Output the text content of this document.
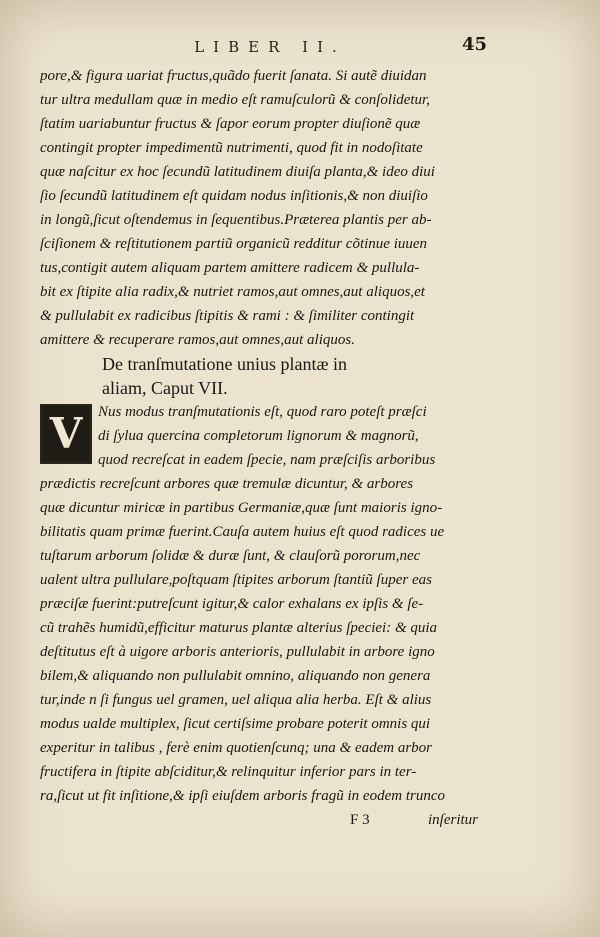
LIBER II.	45
pore,& figura uariat fructus,quãdo fuerit ſanata. Si autẽ diuidan
tur ultra medullam quæ in medio eſt ramuſculorũ & conſolidetur,
ſtatim uariabuntur fructus & ſapor eorum propter diuſionẽ quæ
contingit propter impedimentũ nutrimenti, quod fit in nodoſitate
quæ naſcitur ex hoc ſecundũ latitudinem diuiſa planta,& ideo diui
ſio ſecundũ latitudinem eſt quidam nodus inſitionis,& non diuiſio
in longũ,ſicut oſtendemus in ſequentibus.Præterea plantis per ab-
ſciſionem & reſtitutionem partiũ organicũ redditur cõtinue iuuen
tus,contigit autem aliquam partem amittere radicem & pullula-
bit ex ſtipite alia radix,& nutriet ramos,aut omnes,aut aliquos,et
& pullulabit ex radicibus ſtipitis & rami : & ſimiliter contingit
amittere & recuperare ramos,aut omnes,aut aliquos.
De tranſmutatione unius plantæ in
aliam, Caput VII.
V	Nus modus tranſmutationis eſt, quod raro poteſt præſci
di ſylua quercina completorum lignorum & magnorũ,
quod recreſcat in eadem ſpecie, nam præſciſis arboribus
prædictis recreſcunt arbores quæ tremulæ dicuntur, & arbores
quæ dicuntur miricæ in partibus Germaniæ,quæ ſunt maioris igno-
bilitatis quam primæ fuerint.Cauſa autem huius eſt quod radices ue
tuſtarum arborum ſolidæ & duræ ſunt, & clauſorũ pororum,nec
ualent ultra pullulare,poſtquam ſtipites arborum ſtantiũ ſuper eas
præciſæ fuerint:putreſcunt igitur,& calor exhalans ex ipſis & ſe-
cũ trahẽs humidũ,efficitur maturus plantæ alterius ſpeciei: & quia
deſtitutus eſt à uigore arboris anterioris, pullulabit in arbore igno
bilem,& aliquando non pullulabit omnino, aliquando non genera
tur,inde n ſi fungus uel gramen, uel aliqua alia herba. Eſt & alius
modus ualde multiplex, ſicut certiſsime probare poterit omnis qui
experitur in talibus , ferè enim quotienſcunq; una & eadem arbor
fructifera in ſtipite abſciditur,& relinquitur inferior pars in ter-
ra,ſicut ut fit inſitione,& ipſi eiuſdem arboris fragũ in eodem trunco
F 3	inſeritur
